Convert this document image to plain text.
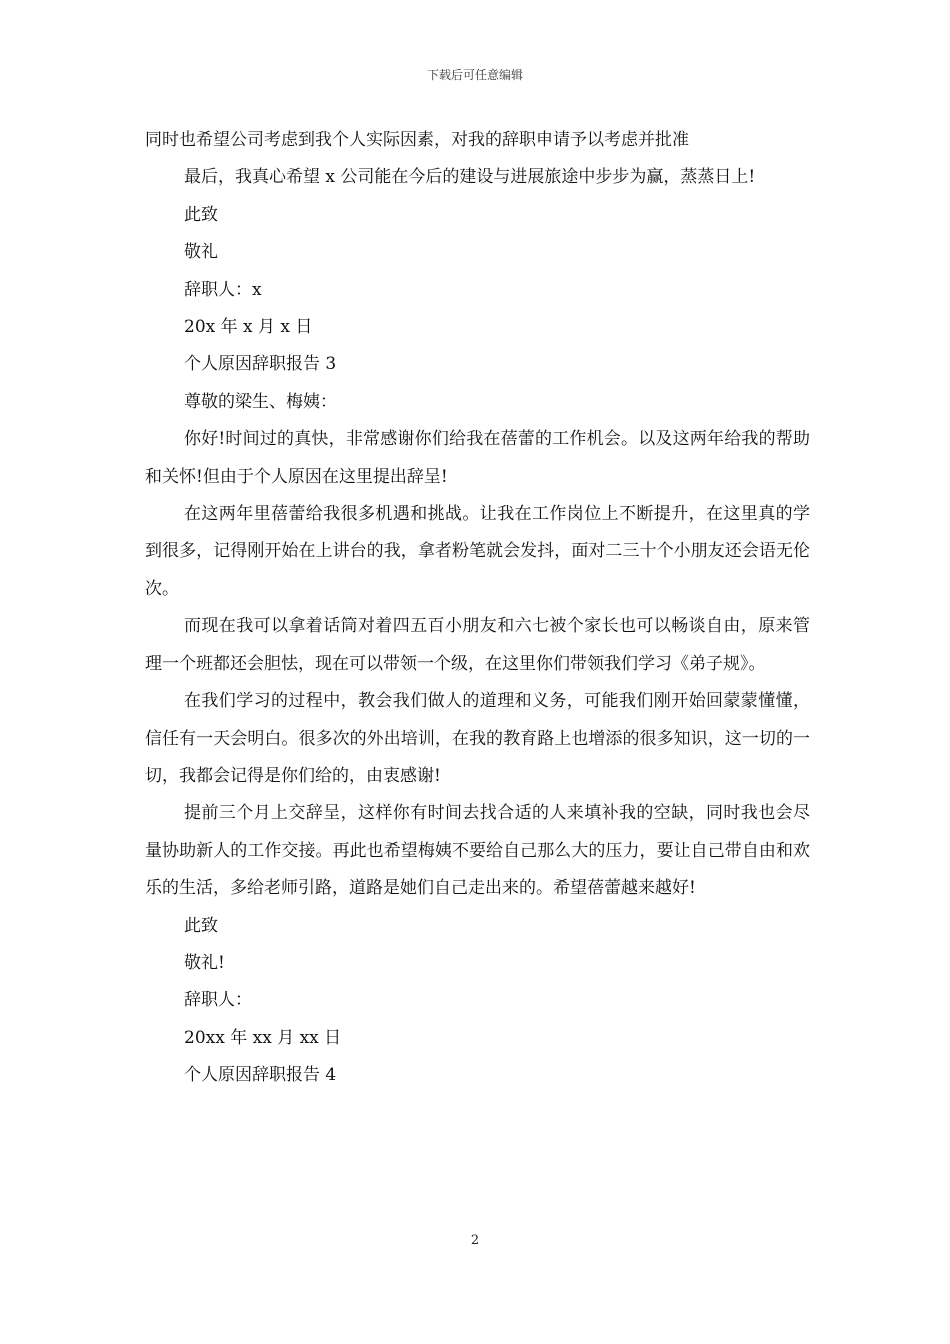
下载后可任意编辑

同时也希望公司考虑到我个人实际因素，对我的辞职申请予以考虑并批准

最后，我真心希望 x 公司能在今后的建设与进展旅途中步步为赢，蒸蒸日上!

此致

敬礼

辞职人：x

20x 年 x 月 x 日

个人原因辞职报告 3

尊敬的梁生、梅姨：

你好!时间过的真快，非常感谢你们给我在蓓蕾的工作机会。以及这两年给我的帮助和关怀!但由于个人原因在这里提出辞呈!

在这两年里蓓蕾给我很多机遇和挑战。让我在工作岗位上不断提升，在这里真的学到很多，记得刚开始在上讲台的我，拿者粉笔就会发抖，面对二三十个小朋友还会语无伦次。

而现在我可以拿着话筒对着四五百小朋友和六七被个家长也可以畅谈自由，原来管理一个班都还会胆怯，现在可以带领一个级，在这里你们带领我们学习《弟子规》。

在我们学习的过程中，教会我们做人的道理和义务，可能我们刚开始回蒙蒙懂懂，信任有一天会明白。很多次的外出培训，在我的教育路上也增添的很多知识，这一切的一切，我都会记得是你们给的，由衷感谢!

提前三个月上交辞呈，这样你有时间去找合适的人来填补我的空缺，同时我也会尽量协助新人的工作交接。再此也希望梅姨不要给自己那么大的压力，要让自己带自由和欢乐的生活，多给老师引路，道路是她们自己走出来的。希望蓓蕾越来越好!

此致

敬礼!

辞职人：

20xx 年 xx 月 xx 日

个人原因辞职报告 4

2
